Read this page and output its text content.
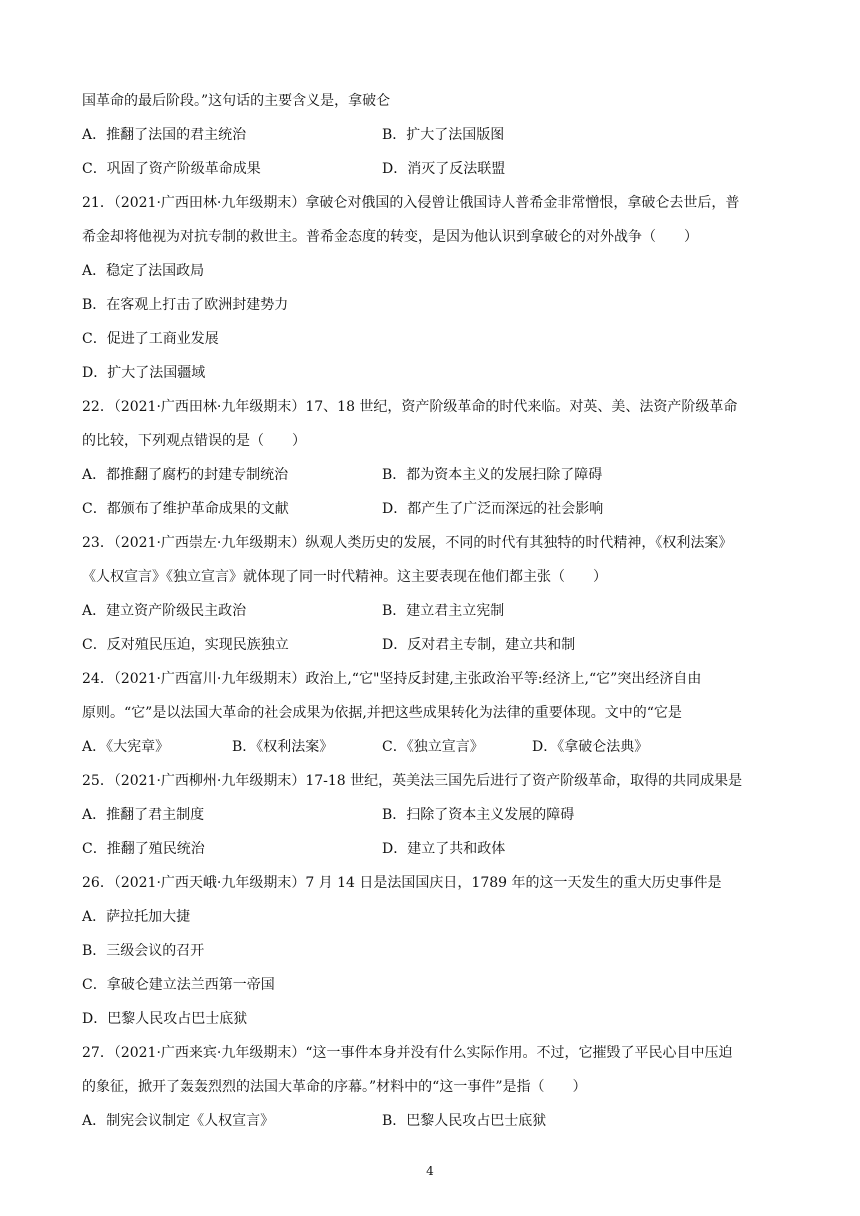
国革命的最后阶段。”这句话的主要含义是，拿破仑
A．推翻了法国的君主统治	B．扩大了法国版图
C．巩固了资产阶级革命成果	D．消灭了反法联盟
21．（2021·广西田林·九年级期末）拿破仑对俄国的入侵曾让俄国诗人普希金非常憎恨，拿破仑去世后，普
希金却将他视为对抗专制的救世主。普希金态度的转变，是因为他认识到拿破仑的对外战争（　　）
A．稳定了法国政局
B．在客观上打击了欧洲封建势力
C．促进了工商业发展
D．扩大了法国疆域
22．（2021·广西田林·九年级期末）17、18 世纪，资产阶级革命的时代来临。对英、美、法资产阶级革命
的比较，下列观点错误的是（　　）
A．都推翻了腐朽的封建专制统治	B．都为资本主义的发展扫除了障碍
C．都颁布了维护革命成果的文献	D．都产生了广泛而深远的社会影响
23．（2021·广西崇左·九年级期末）纵观人类历史的发展，不同的时代有其独特的时代精神，《权利法案》
《人权宣言》《独立宣言》就体现了同一时代精神。这主要表现在他们都主张（　　）
A．建立资产阶级民主政治	B．建立君主立宪制
C．反对殖民压迫，实现民族独立	D．反对君主专制，建立共和制
24．（2021·广西富川·九年级期末）政治上,“它"坚持反封建,主张政治平等:经济上,“它”突出经济自由
原则。“它”是以法国大革命的社会成果为依据,并把这些成果转化为法律的重要体现。文中的“它是
A．《大宪章》	B．《权利法案》	C．《独立宣言》	D．《拿破仑法典》
25．（2021·广西柳州·九年级期末）17-18 世纪，英美法三国先后进行了资产阶级革命，取得的共同成果是
A．推翻了君主制度	B．扫除了资本主义发展的障碍
C．推翻了殖民统治	D．建立了共和政体
26．（2021·广西天峨·九年级期末）7 月 14 日是法国国庆日，1789 年的这一天发生的重大历史事件是
A．萨拉托加大捷
B．三级会议的召开
C．拿破仑建立法兰西第一帝国
D．巴黎人民攻占巴士底狱
27．（2021·广西来宾·九年级期末）“这一事件本身并没有什么实际作用。不过，它摧毁了平民心目中压迫
的象征，掀开了轰轰烈烈的法国大革命的序幕。”材料中的“这一事件”是指（　　）
A．制宪会议制定《人权宣言》	B．巴黎人民攻占巴士底狱
4
